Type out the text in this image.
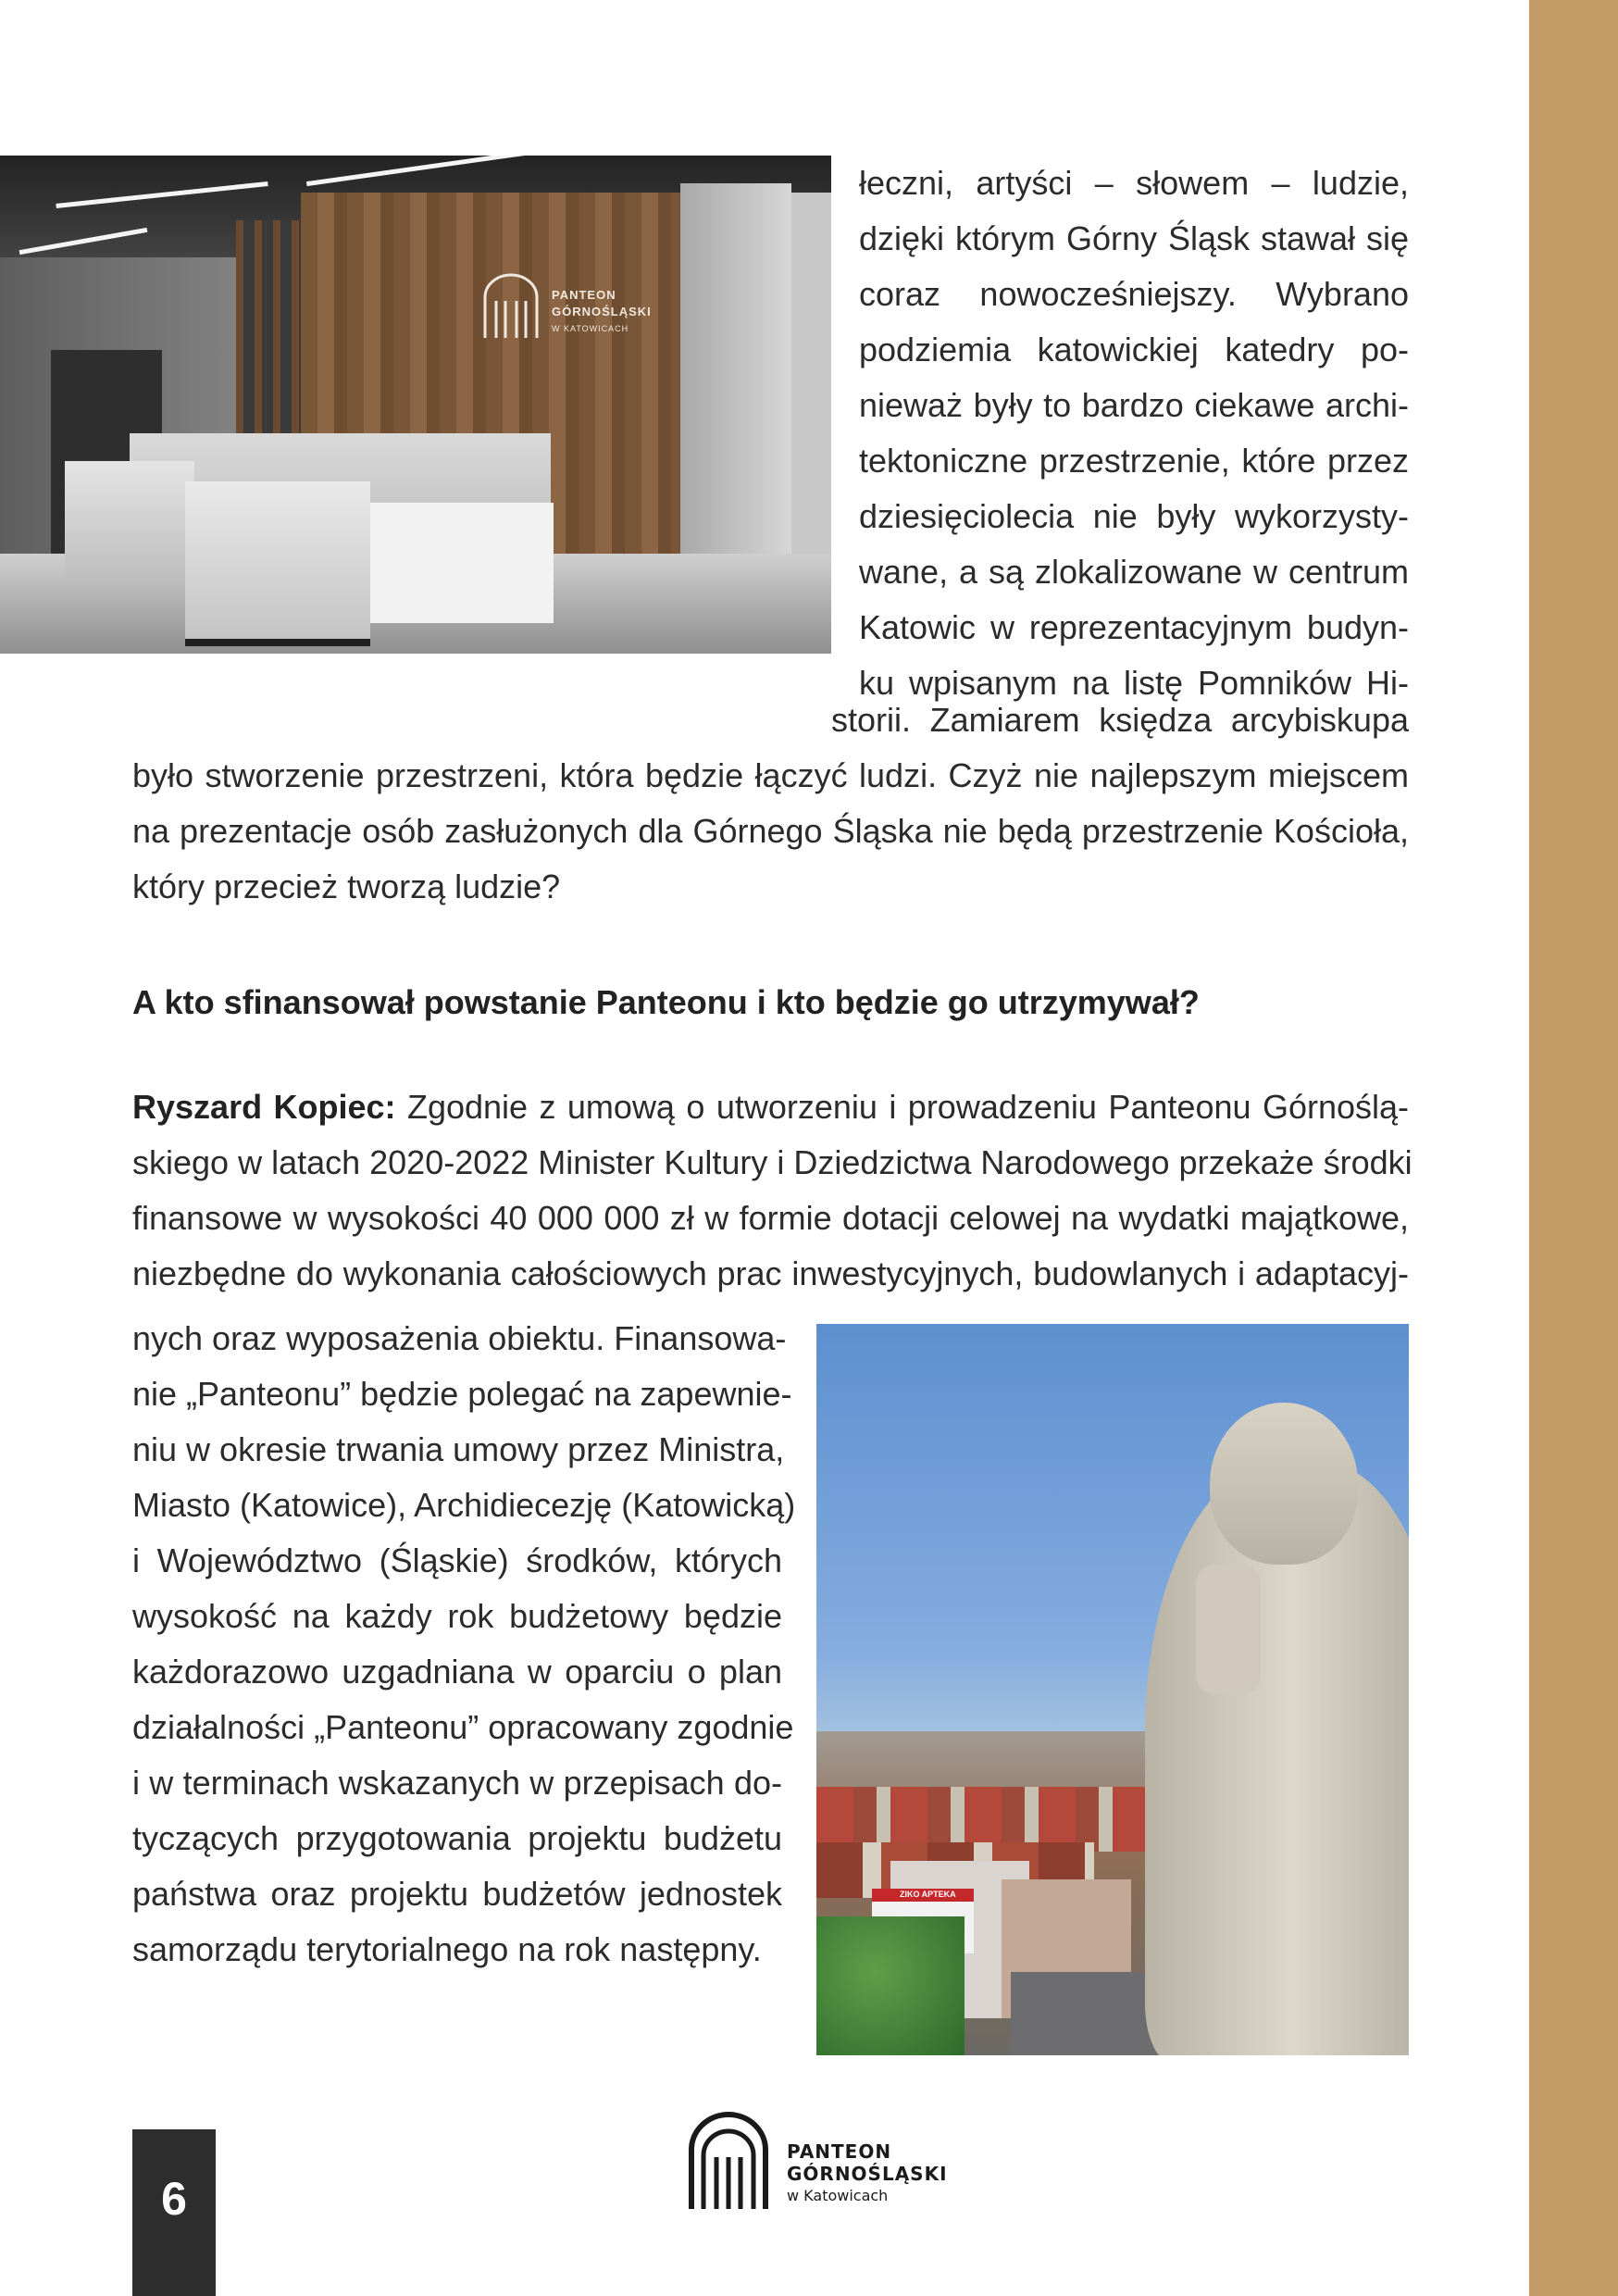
PANTEON
GÓRNOŚLĄSKI
W KATOWICACH
łeczni, artyści – słowem – ludzie,
dzięki którym Górny Śląsk stawał się
coraz nowocześniejszy. Wybrano
podziemia katowickiej katedry po-
nieważ były to bardzo ciekawe archi-
tektoniczne przestrzenie, które przez
dziesięciolecia nie były wykorzysty-
wane, a są zlokalizowane w centrum
Katowic w reprezentacyjnym budyn-
ku wpisanym na listę Pomników Hi-
storii. Zamiarem księdza arcybiskupa
było stworzenie przestrzeni, która będzie łączyć ludzi. Czyż nie najlepszym miejscem
na prezentacje osób zasłużonych dla Górnego Śląska nie będą przestrzenie Kościoła,
który przecież tworzą ludzie?
A kto sfinansował powstanie Panteonu i kto będzie go utrzymywał?
Ryszard Kopiec: Zgodnie z umową o utworzeniu i prowadzeniu Panteonu Górnoślą-
skiego w latach 2020-2022 Minister Kultury i Dziedzictwa Narodowego przekaże środki
finansowe w wysokości 40 000 000 zł w formie dotacji celowej na wydatki majątkowe,
niezbędne do wykonania całościowych prac inwestycyjnych, budowlanych i adaptacyj-
nych oraz wyposażenia obiektu. Finansowa-
nie „Panteonu” będzie polegać na zapewnie-
niu w okresie trwania umowy przez Ministra,
Miasto (Katowice), Archidiecezję (Katowicką)
i Województwo (Śląskie) środków, których
wysokość na każdy rok budżetowy będzie
każdorazowo uzgadniana w oparciu o plan
działalności „Panteonu” opracowany zgodnie
i w terminach wskazanych w przepisach do-
tyczących przygotowania projektu budżetu
państwa oraz projektu budżetów jednostek
samorządu terytorialnego na rok następny.
ZIKO APTEKA
6
PANTEON
GÓRNOŚLĄSKI
w Katowicach
